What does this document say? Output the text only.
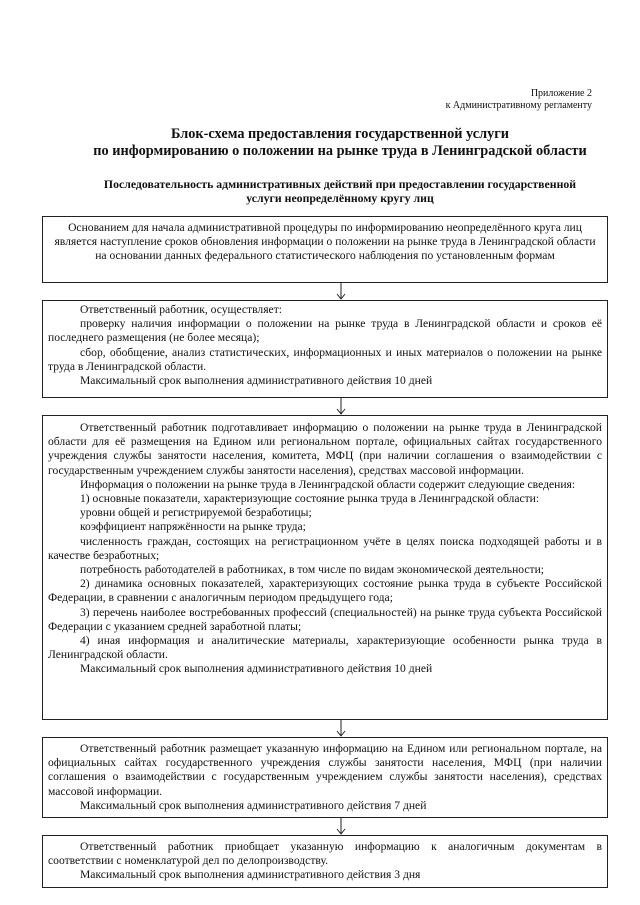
Приложение 2
к Административному регламенту
Блок-схема предоставления государственной услуги
по информированию о положении на рынке труда в Ленинградской области
Последовательность административных действий при предоставлении государственной
услуги неопределённому кругу лиц

Основанием для начала административной процедуры по информированию неопределённого круга лиц является наступление сроков обновления информации о положении на рынке труда в Ленинградской области на основании данных федерального статистического наблюдения по установленным формам

Ответственный работник, осуществляет:

проверку наличия информации о положении на рынке труда в Ленинградской области и сроков её последнего размещения (не более месяца);

сбор, обобщение, анализ статистических, информационных и иных материалов о положении на рынке труда в Ленинградской области.

Максимальный срок выполнения административного действия 10 дней

Ответственный работник подготавливает информацию о положении на рынке труда в Ленинградской области для её размещения на Едином или региональном портале, официальных сайтах государственного учреждения службы занятости населения, комитета, МФЦ (при наличии соглашения о взаимодействии с государственным учреждением службы занятости населения), средствах массовой информации.

Информация о положении на рынке труда в Ленинградской области содержит следующие сведения:

1) основные показатели, характеризующие состояние рынка труда в Ленинградской области:

уровни общей и регистрируемой безработицы;

коэффициент напряжённости на рынке труда;

численность граждан, состоящих на регистрационном учёте в целях поиска подходящей работы и в качестве безработных;

потребность работодателей в работниках, в том числе по видам экономической деятельности;

2) динамика основных показателей, характеризующих состояние рынка труда в субъекте Российской Федерации, в сравнении с аналогичным периодом предыдущего года;

3) перечень наиболее востребованных профессий (специальностей) на рынке труда субъекта Российской Федерации с указанием средней заработной платы;

4) иная информация и аналитические материалы, характеризующие особенности рынка труда в Ленинградской области.

Максимальный срок выполнения административного действия 10 дней

Ответственный работник размещает указанную информацию на Едином или региональном портале, на официальных сайтах государственного учреждения службы занятости населения, МФЦ (при наличии соглашения о взаимодействии с государственным учреждением службы занятости населения), средствах массовой информации.

Максимальный срок выполнения административного действия 7 дней

Ответственный работник приобщает указанную информацию к аналогичным документам в соответствии с номенклатурой дел по делопроизводству.

Максимальный срок выполнения административного действия 3 дня
